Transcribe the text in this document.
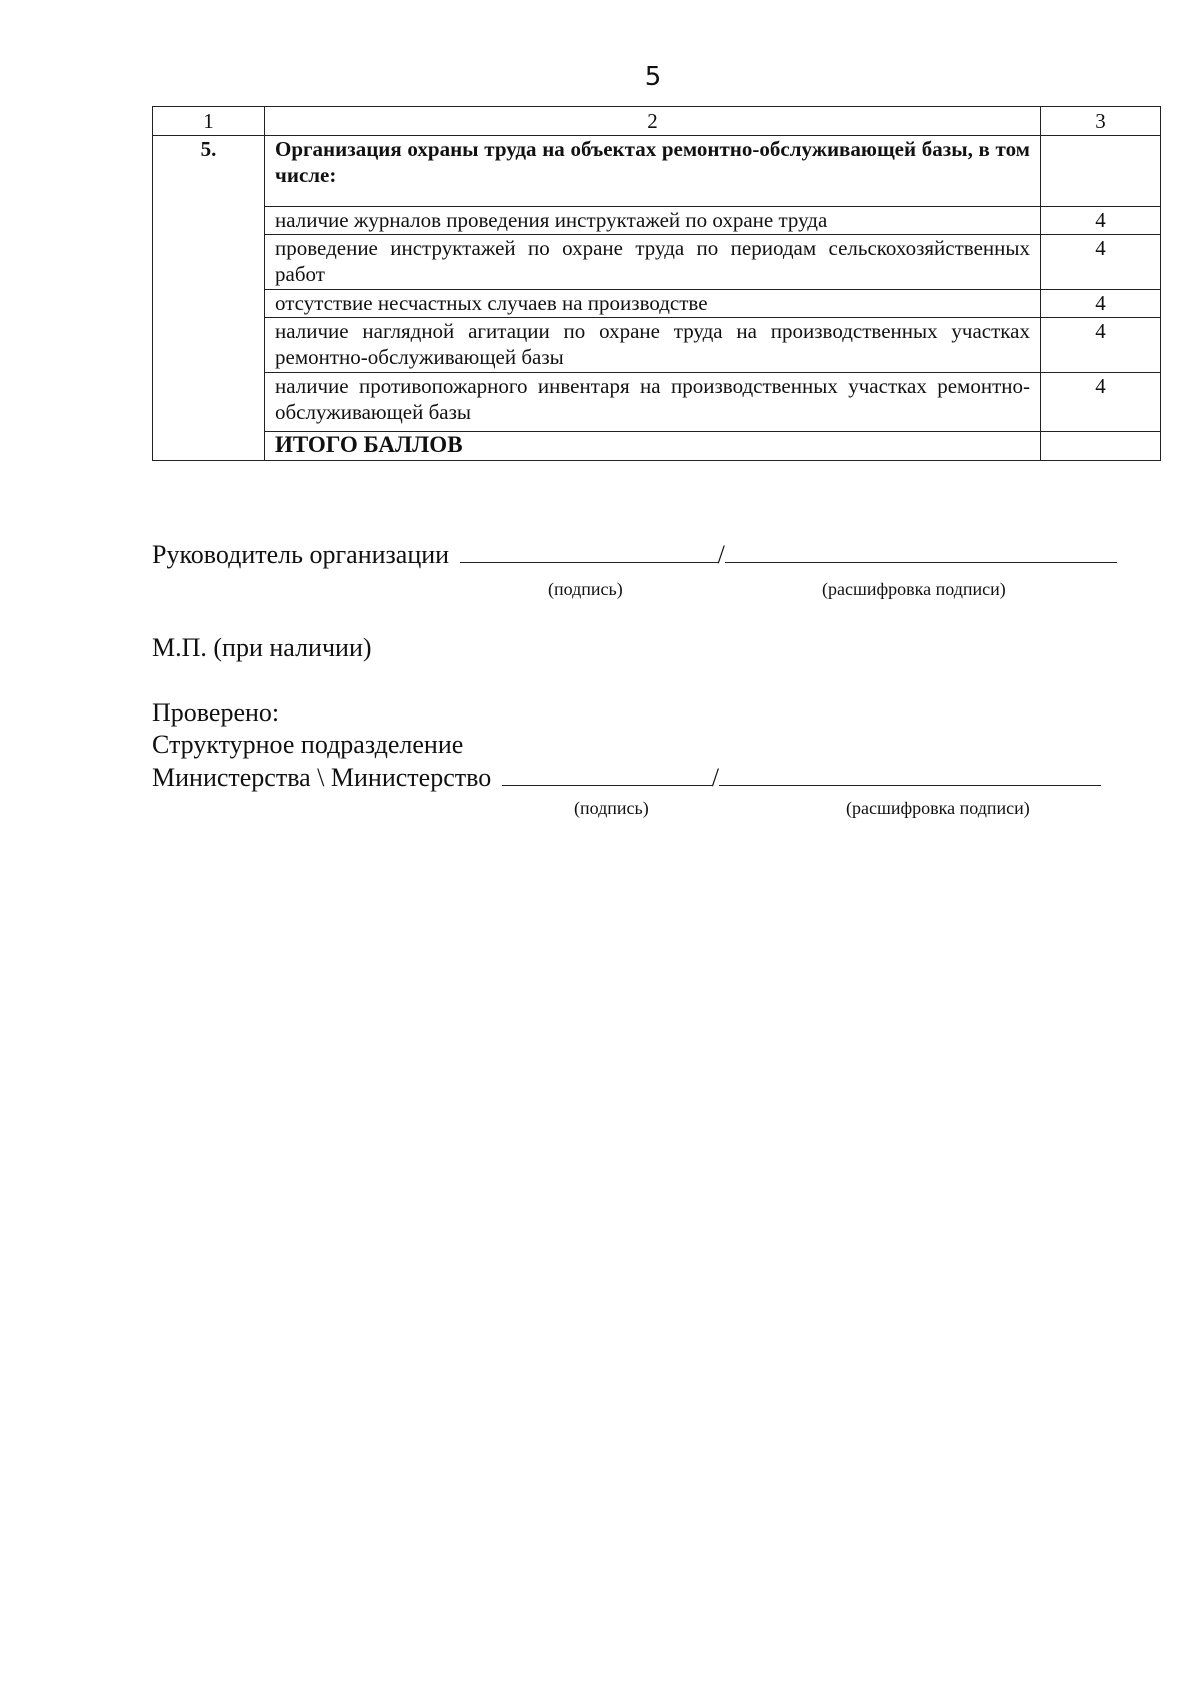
5
1	2	3
5.	Организация охраны труда на объектах ремонтно-обслуживающей базы, в том числе:	
	наличие журналов проведения инструктажей по охране труда	4
	проведение инструктажей по охране труда по периодам сельскохозяйственных работ	4
	отсутствие несчастных случаев на производстве	4
	наличие наглядной агитации по охране труда на производственных участках ремонтно-обслуживающей базы	4
	наличие противопожарного инвентаря на производственных участках ремонтно-обслуживающей базы	4
	ИТОГО БАЛЛОВ	
Руководитель организации	/
(подпись)	(расшифровка подписи)
М.П. (при наличии)
Проверено:
Структурное подразделение
Министерства \ Министерство	/
(подпись)	(расшифровка подписи)
